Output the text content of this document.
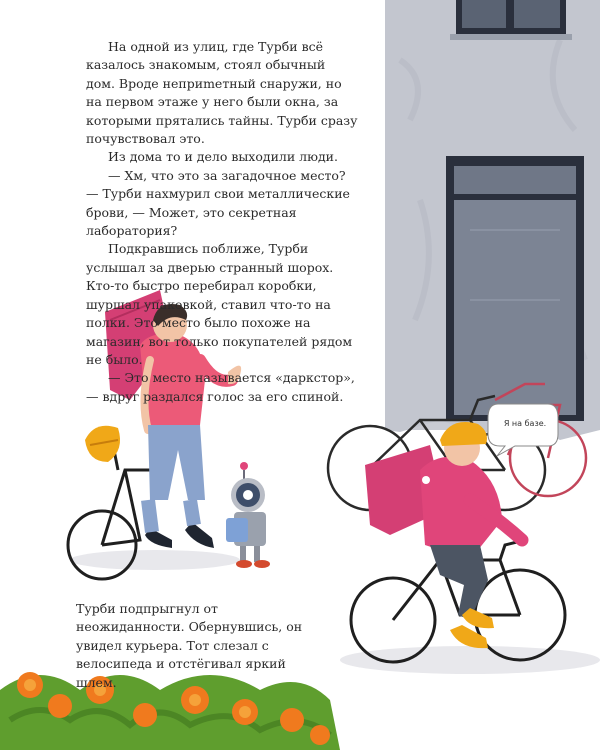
На одной из улиц, где Турби всё казалось знакомым, стоял обычный дом. Вроде неприmетный снаружи, но на первом этаже у него были окна, за которыми прятались тайны. Турби сразу почувствовал это.

Из дома то и дело выходили люди.

— Хм, что это за загадочное место? — Турби нахмурил свои металлические брови, — Может, это секретная лаборатория?

Подкравшись поближе, Турби услышал за дверью странный шорох. Кто-то быстро перебирал коробки, шуршал упаковкой, ставил что-то на полки. Это место было похоже на магазин, вот только покупателей рядом не было.

— Это место называется «даркстор», — вдруг раздался голос за его спиной.

Турби подпрыгнул от неожиданности. Обернувшись, он увидел курьера. Тот слезал с велосипеда и отстёгивал яркий шлем.

Я на базе.
